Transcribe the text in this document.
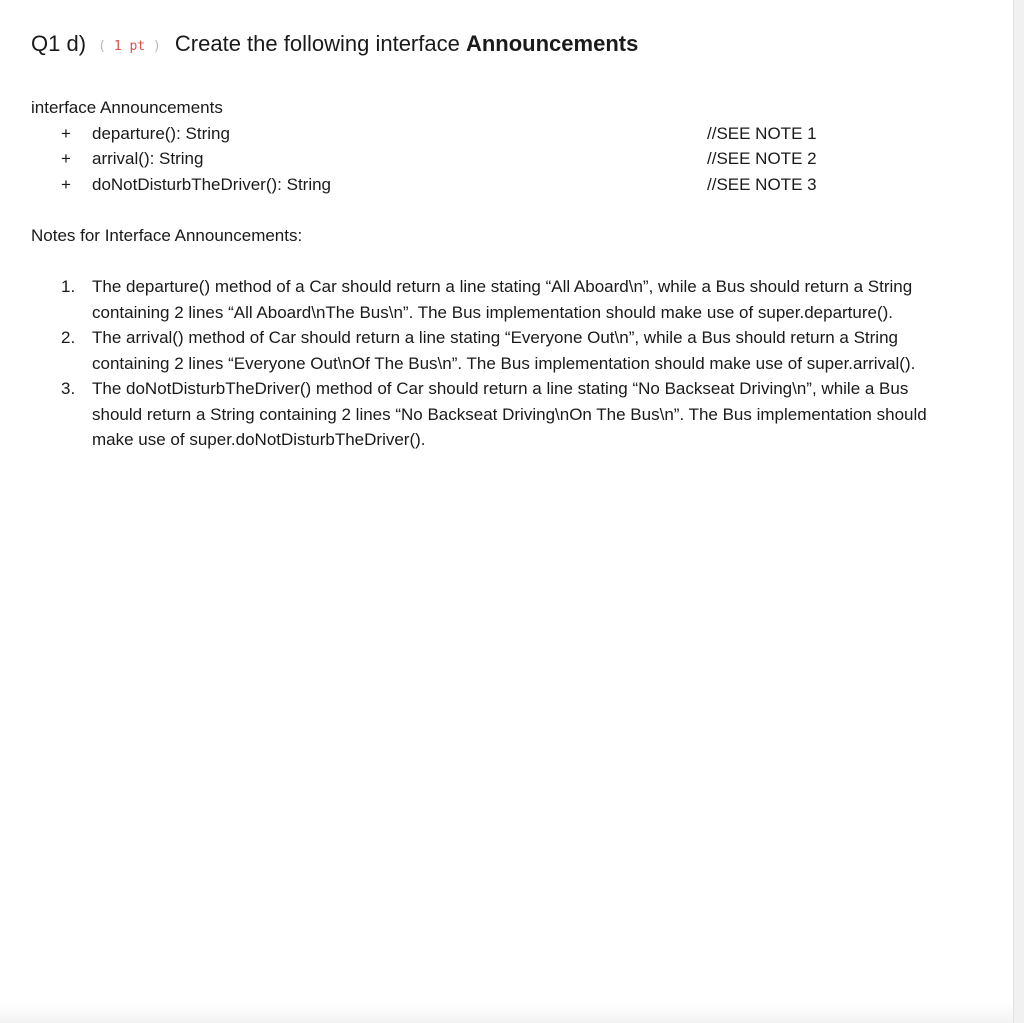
Q1 d) ( 1 pt ) Create the following interface Announcements
interface Announcements
+ departure(): String	//SEE NOTE 1
+ arrival(): String	//SEE NOTE 2
+ doNotDisturbTheDriver(): String	//SEE NOTE 3
Notes for Interface Announcements:
1. The departure() method of a Car should return a line stating “All Aboard\n”, while a Bus should return a String containing 2 lines “All Aboard\nThe Bus\n”. The Bus implementation should make use of super.departure().
2. The arrival() method of Car should return a line stating “Everyone Out\n”, while a Bus should return a String containing 2 lines “Everyone Out\nOf The Bus\n”. The Bus implementation should make use of super.arrival().
3. The doNotDisturbTheDriver() method of Car should return a line stating “No Backseat Driving\n”, while a Bus should return a String containing 2 lines “No Backseat Driving\nOn The Bus\n”. The Bus implementation should make use of super.doNotDisturbTheDriver().
